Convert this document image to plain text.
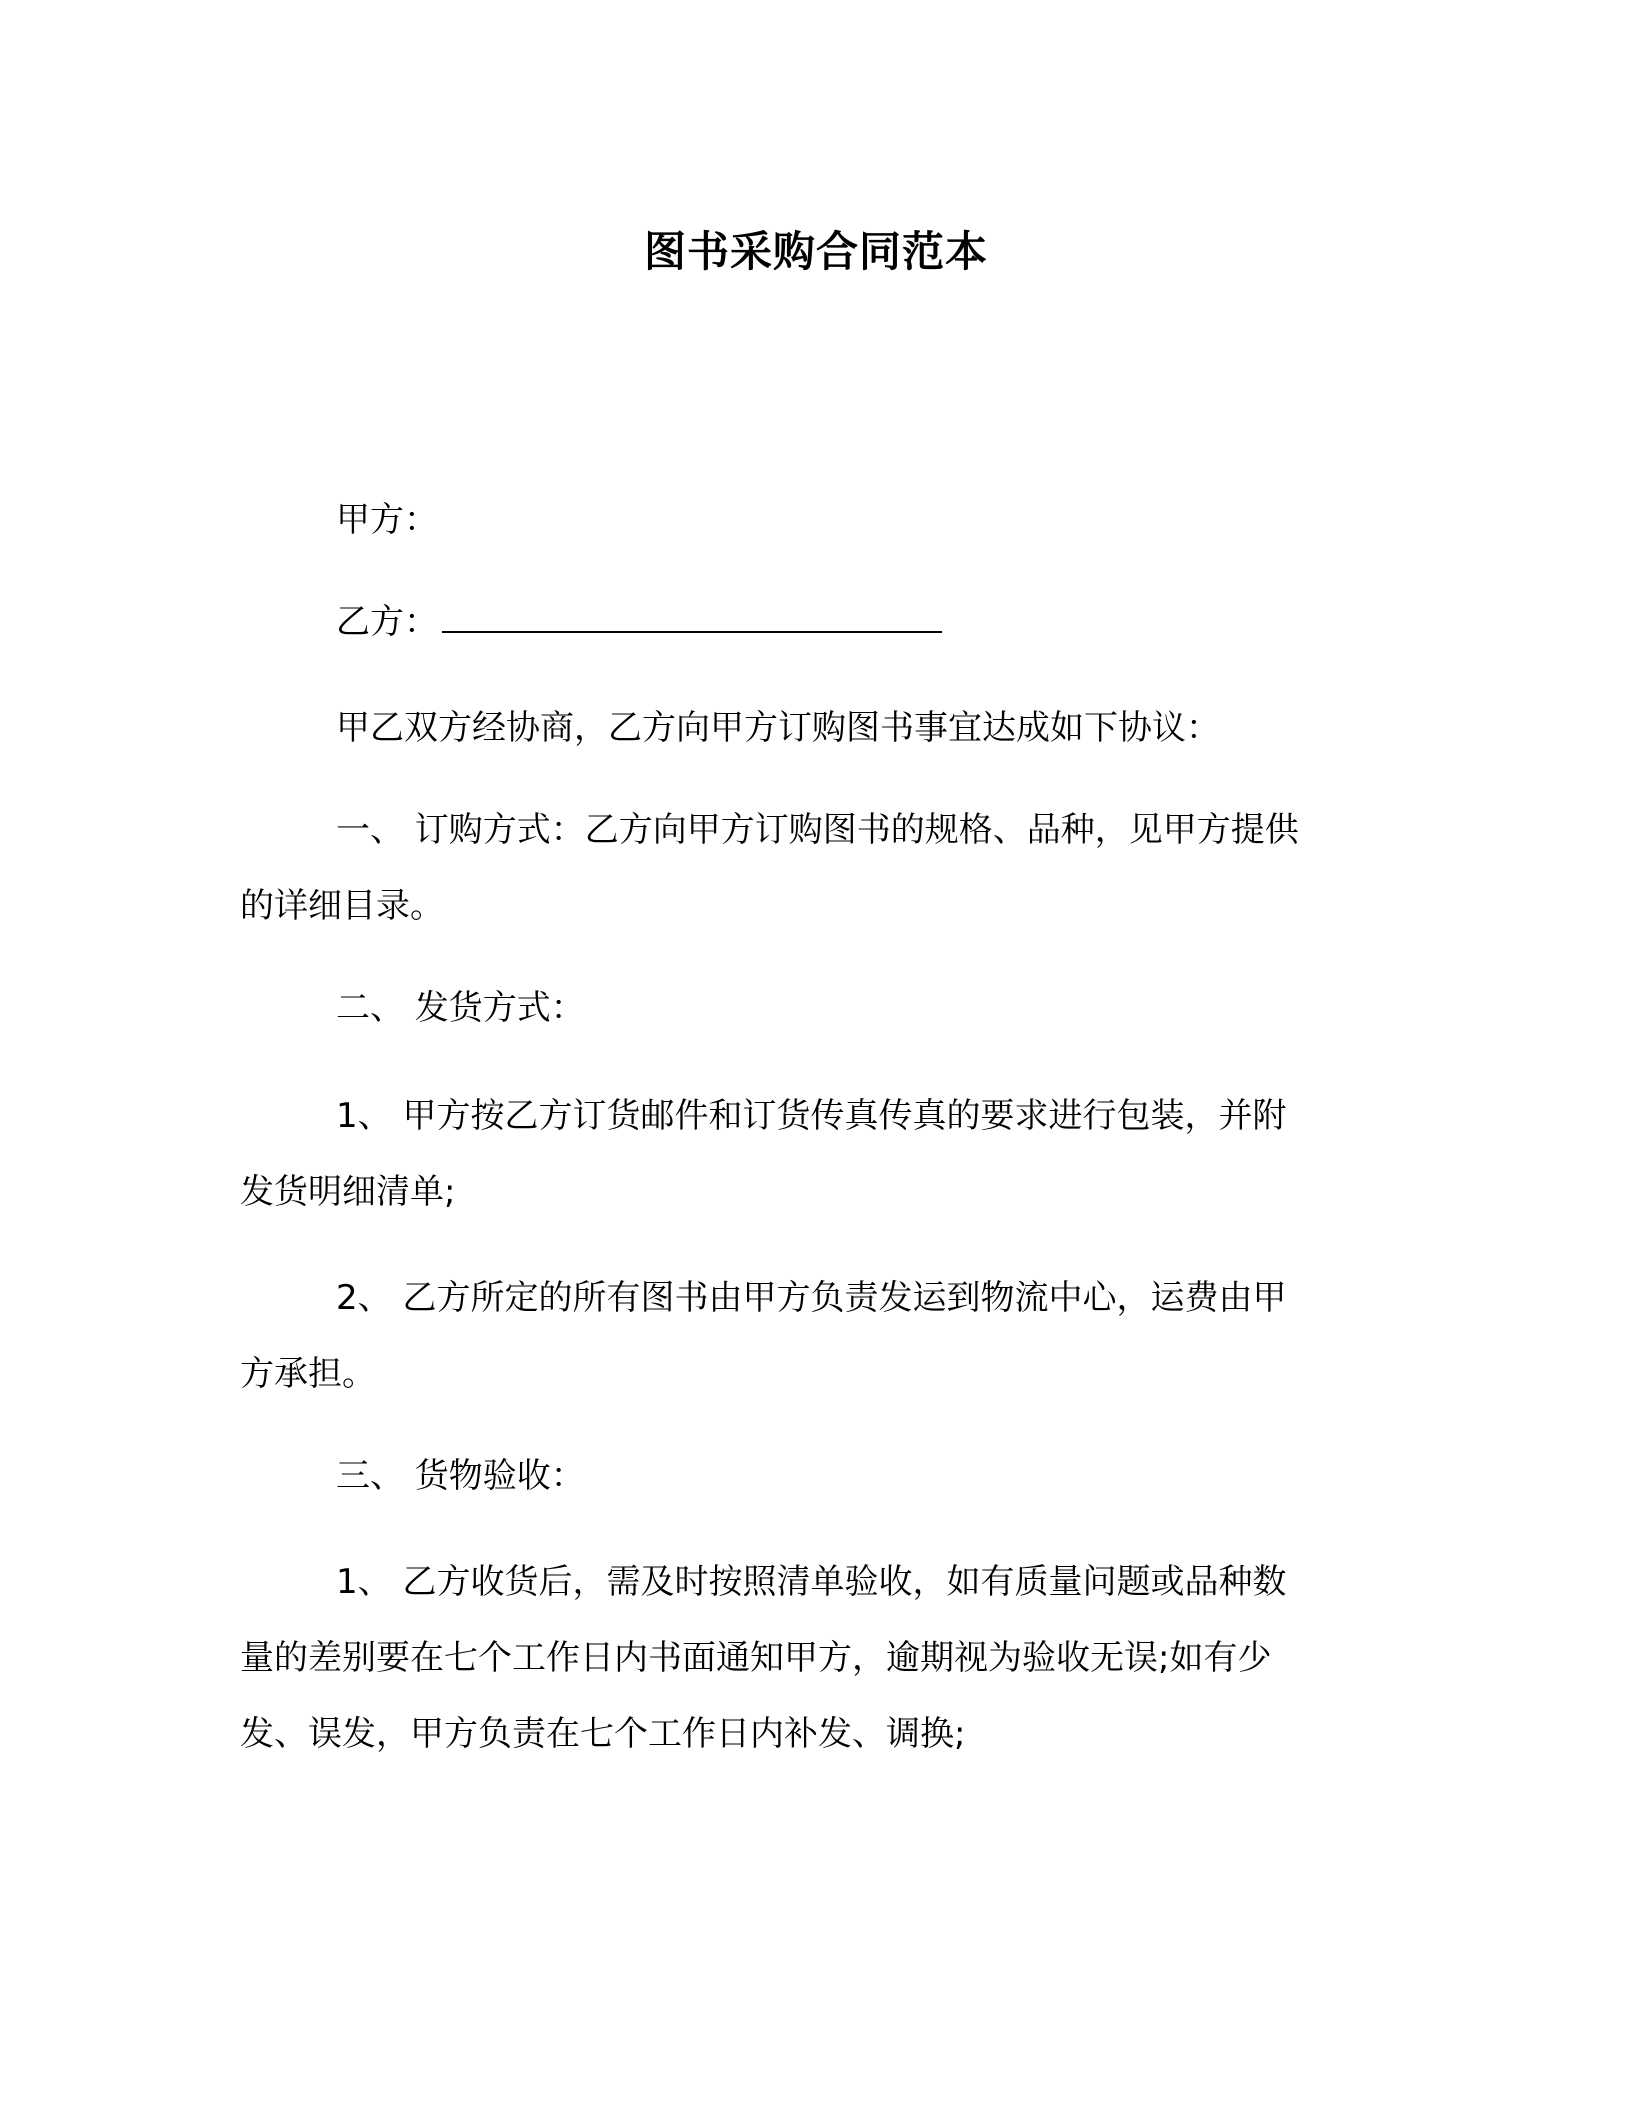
图书采购合同范本
甲方：
乙方：
甲乙双方经协商，乙方向甲方订购图书事宜达成如下协议：
一、 订购方式：乙方向甲方订购图书的规格、品种，见甲方提供
的详细目录。
二、 发货方式：
1、 甲方按乙方订货邮件和订货传真传真的要求进行包装，并附
发货明细清单;
2、 乙方所定的所有图书由甲方负责发运到物流中心，运费由甲
方承担。
三、 货物验收：
1、 乙方收货后，需及时按照清单验收，如有质量问题或品种数
量的差别要在七个工作日内书面通知甲方，逾期视为验收无误;如有少
发、误发，甲方负责在七个工作日内补发、调换;
